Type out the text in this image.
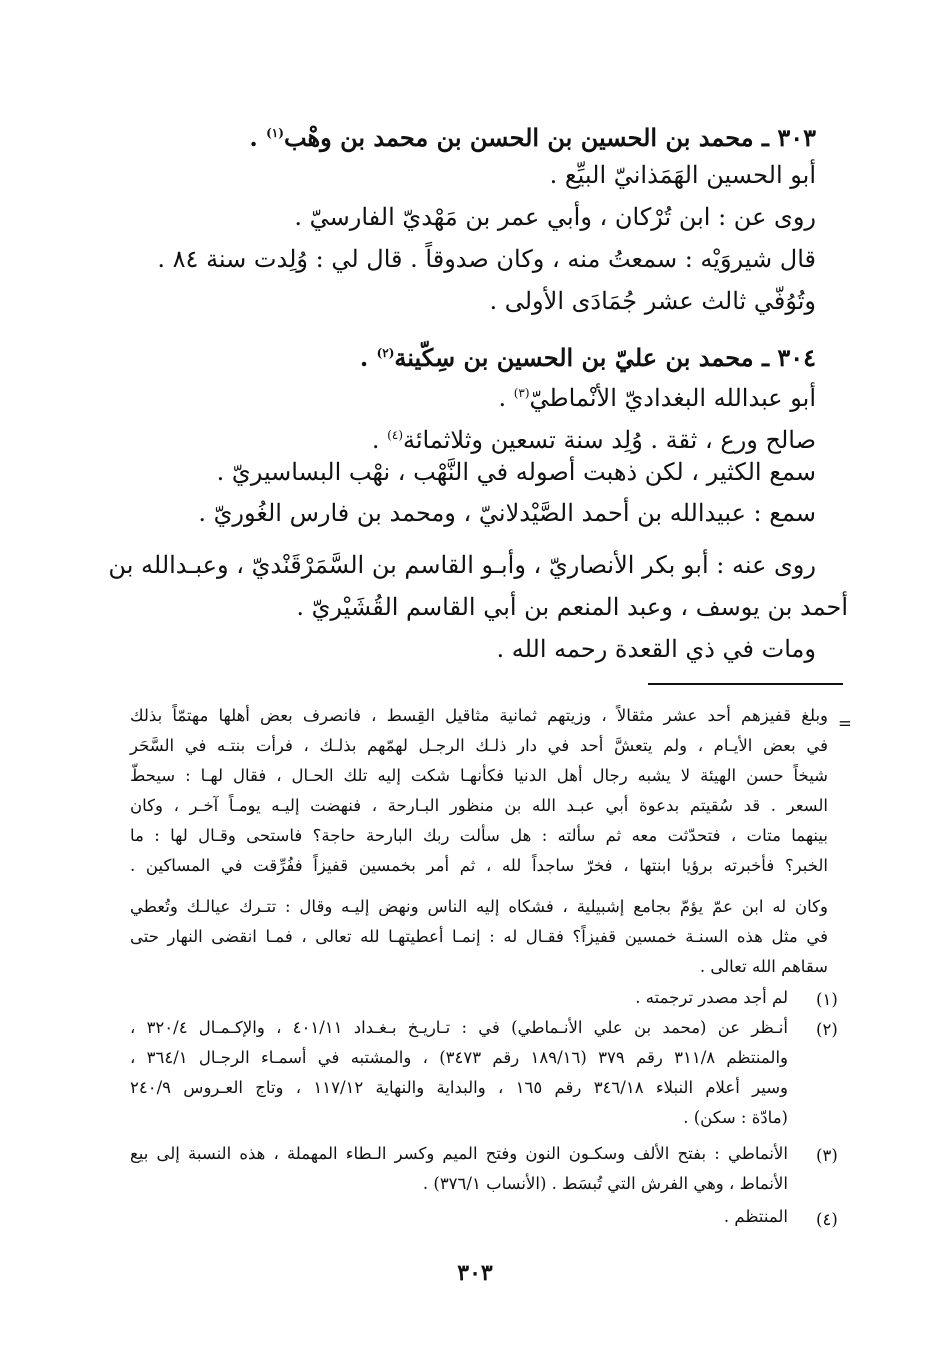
٣٠٣ ـ محمد بن الحسين بن الحسن بن محمد بن وهْب$^{(١)}$ .
أبو الحسين الهَمَذانيّ البيِّع .
روى عن : ابن تُرْكان ، وأبي عمر بن مَهْديّ الفارسيّ .
قال شيروَيْه : سمعتُ منه ، وكان صدوقاً . قال لي : وُلِدت سنة ٨٤ .
وتُوُفّي ثالث عشر جُمَادَى الأولى .
٣٠٤ ـ محمد بن عليّ بن الحسين بن سِكّينة$^{(٢)}$ .
أبو عبدالله البغداديّ الأنْماطيّ$^{(٣)}$ .
صالح ورع ، ثقة . وُلِد سنة تسعين وثلاثمائة$^{(٤)}$ .
سمع الكثير ، لكن ذهبت أصوله في النَّهْب ، نهْب البساسيريّ .
سمع : عبيدالله بن أحمد الصَّيْدلانيّ ، ومحمد بن فارس الغُوريّ .
روى عنه : أبو بكر الأنصاريّ ، وأبـو القاسم بن السَّمَرْقَنْديّ ، وعبـدالله بن
أحمد بن يوسف ، وعبد المنعم بن أبي القاسم القُشَيْريّ .
ومات في ذي القعدة رحمه الله .
=
وبلغ قفيزهم أحد عشر مثقالاً ، وزيتهم ثمانية مثاقيل القِسط ، فانصرف بعض أهلها مهتمّاً بذلك
في بعض الأيـام ، ولم يتعشَّ أحد في دار ذلـك الرجـل لهمّهم بذلـك ، فرأت بنتـه في السَّحَر
شيخاً حسن الهيئة لا يشبه رجال أهل الدنيا فكأنهـا شكت إليه تلك الحـال ، فقال لهـا : سيحطّ
السعر . قد سُقيتم بدعوة أبي عبـد الله بن منظور البـارحة ، فنهضت إليـه يومـاً آخـر ، وكان
بينهما متات ، فتحدّثت معه ثم سألته : هل سألت ربك البارحة حاجة؟ فاستحى وقـال لها : ما
الخبر؟ فأخبرته برؤيا ابنتها ، فخرّ ساجداً لله ، ثم أمر بخمسين قفيزاً ففُرِّقت في المساكين .
وكان له ابن عمّ يؤمّ بجامع إشبيلية ، فشكاه إليه الناس ونهض إليـه وقال : تتـرك عيالـك وتُعطي
في مثل هذه السنـة خمسين قفيزاً؟ فقـال له : إنمـا أعطيتهـا لله تعالى ، فمـا انقضى النهار حتى
سقاهم الله تعالى .
(١)
لم أجد مصدر ترجمته .
(٢)
أنـظر عن (محمد بن علي الأنـماطي) في : تـاريـخ بـغـداد ٤٠١/١١ ، والإكـمـال ٣٢٠/٤ ،
والمنتظم ٣١١/٨ رقم ٣٧٩ (١٨٩/١٦ رقم ٣٤٧٣) ، والمشتبه في أسمـاء الرجـال ٣٦٤/١ ،
وسير أعلام النبلاء ٣٤٦/١٨ رقم ١٦٥ ، والبداية والنهاية ١١٧/١٢ ، وتاج العـروس ٢٤٠/٩
(مادّة : سكن) .
(٣)
الأنماطي : بفتح الألف وسكـون النون وفتح الميم وكسر الـطاء المهملة ، هذه النسبة إلى بيع
الأنماط ، وهي الفرش التي تُبسَط . (الأنساب ٣٧٦/١) .
(٤)
المنتظم .
٣٠٣
